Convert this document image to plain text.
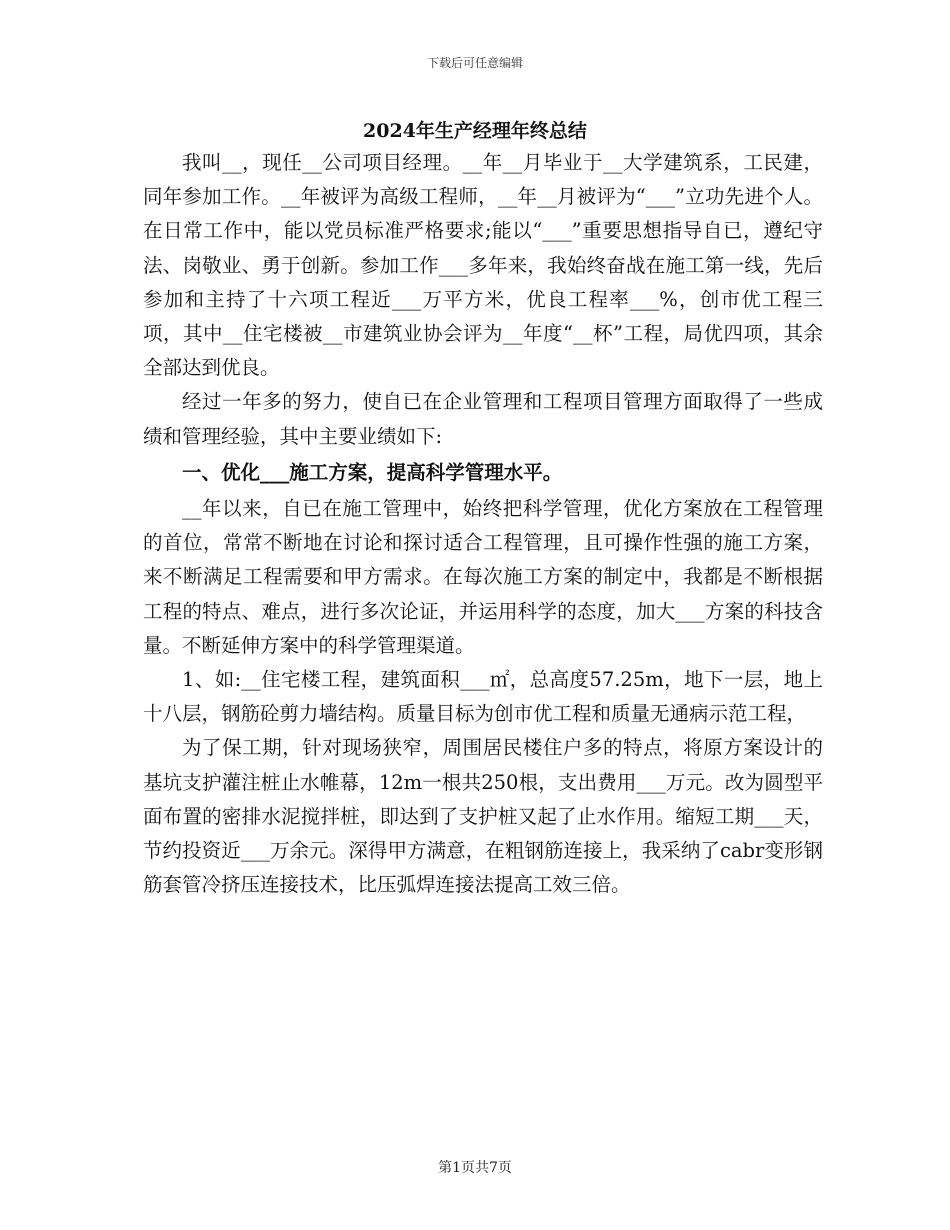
下载后可任意编辑
2024年生产经理年终总结

我叫__，现任__公司项目经理。__年__月毕业于__大学建筑系，工民建，同年参加工作。__年被评为高级工程师，__年__月被评为“___”立功先进个人。在日常工作中，能以党员标准严格要求;能以“___”重要思想指导自已，遵纪守法、岗敬业、勇于创新。参加工作___多年来，我始终奋战在施工第一线，先后参加和主持了十六项工程近___万平方米，优良工程率___%，创市优工程三项，其中__住宅楼被__市建筑业协会评为__年度“__杯”工程，局优四项，其余全部达到优良。

经过一年多的努力，使自已在企业管理和工程项目管理方面取得了一些成绩和管理经验，其中主要业绩如下:

一、优化___施工方案，提高科学管理水平。

__年以来，自已在施工管理中，始终把科学管理，优化方案放在工程管理的首位，常常不断地在讨论和探讨适合工程管理，且可操作性强的施工方案，来不断满足工程需要和甲方需求。在每次施工方案的制定中，我都是不断根据工程的特点、难点，进行多次论证，并运用科学的态度，加大___方案的科技含量。不断延伸方案中的科学管理渠道。

1、如:__住宅楼工程，建筑面积___㎡，总高度57.25m，地下一层，地上十八层，钢筋砼剪力墙结构。质量目标为创市优工程和质量无通病示范工程，

为了保工期，针对现场狭窄，周围居民楼住户多的特点，将原方案设计的基坑支护灌注桩止水帷幕，12m一根共250根，支出费用___万元。改为圆型平面布置的密排水泥搅拌桩，即达到了支护桩又起了止水作用。缩短工期___天，节约投资近___万余元。深得甲方满意，在粗钢筋连接上，我采纳了cabr变形钢筋套管冷挤压连接技术，比压弧焊连接法提高工效三倍。

第1页共7页
